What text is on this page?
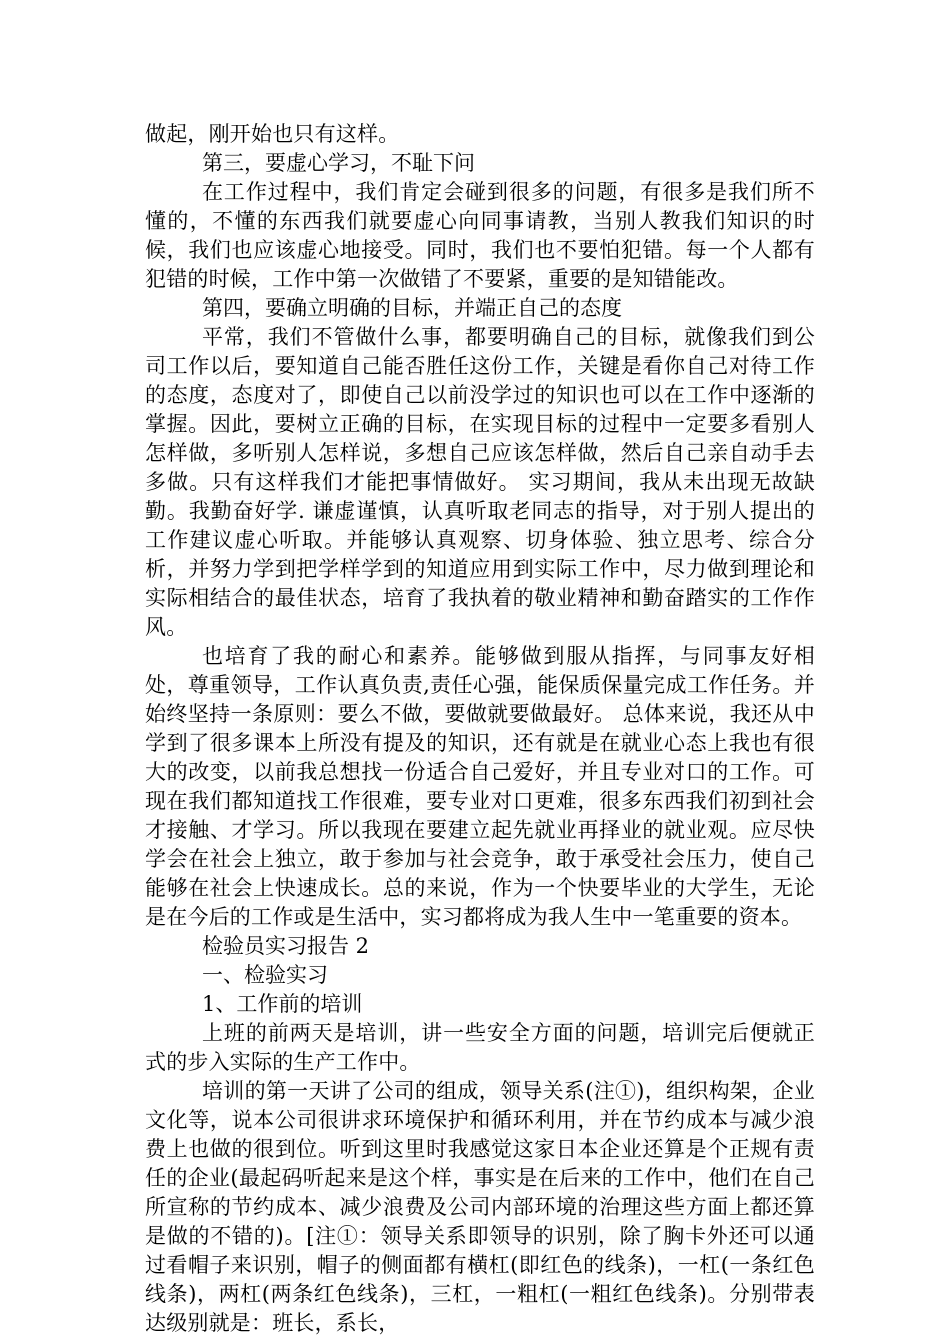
做起，刚开始也只有这样。

第三，要虚心学习，不耻下问

在工作过程中，我们肯定会碰到很多的问题，有很多是我们所不懂的，不懂的东西我们就要虚心向同事请教，当别人教我们知识的时候，我们也应该虚心地接受。同时，我们也不要怕犯错。每一个人都有犯错的时候，工作中第一次做错了不要紧，重要的是知错能改。

第四，要确立明确的目标，并端正自己的态度

平常，我们不管做什么事，都要明确自己的目标，就像我们到公司工作以后，要知道自己能否胜任这份工作，关键是看你自己对待工作的态度，态度对了，即使自己以前没学过的知识也可以在工作中逐渐的掌握。因此，要树立正确的目标，在实现目标的过程中一定要多看别人怎样做，多听别人怎样说，多想自己应该怎样做，然后自己亲自动手去多做。只有这样我们才能把事情做好。 实习期间，我从未出现无故缺勤。我勤奋好学. 谦虚谨慎，认真听取老同志的指导，对于别人提出的工作建议虚心听取。并能够认真观察、切身体验、独立思考、综合分析，并努力学到把学样学到的知道应用到实际工作中，尽力做到理论和实际相结合的最佳状态，培育了我执着的敬业精神和勤奋踏实的工作作风。

也培育了我的耐心和素养。能够做到服从指挥，与同事友好相处，尊重领导，工作认真负责,责任心强，能保质保量完成工作任务。并始终坚持一条原则：要么不做，要做就要做最好。 总体来说，我还从中学到了很多课本上所没有提及的知识，还有就是在就业心态上我也有很大的改变，以前我总想找一份适合自己爱好，并且专业对口的工作。可现在我们都知道找工作很难，要专业对口更难，很多东西我们初到社会才接触、才学习。所以我现在要建立起先就业再择业的就业观。应尽快学会在社会上独立，敢于参加与社会竞争，敢于承受社会压力，使自己能够在社会上快速成长。总的来说，作为一个快要毕业的大学生，无论是在今后的工作或是生活中，实习都将成为我人生中一笔重要的资本。

检验员实习报告 2

一、检验实习

1、工作前的培训

上班的前两天是培训，讲一些安全方面的问题，培训完后便就正式的步入实际的生产工作中。

培训的第一天讲了公司的组成，领导关系(注①)，组织构架，企业文化等，说本公司很讲求环境保护和循环利用，并在节约成本与减少浪费上也做的很到位。听到这里时我感觉这家日本企业还算是个正规有责任的企业(最起码听起来是这个样，事实是在后来的工作中，他们在自己所宣称的节约成本、减少浪费及公司内部环境的治理这些方面上都还算是做的不错的)。[注①：领导关系即领导的识别，除了胸卡外还可以通过看帽子来识别，帽子的侧面都有横杠(即红色的线条)，一杠(一条红色线条)，两杠(两条红色线条)，三杠，一粗杠(一粗红色线条)。分别带表达级别就是：班长，系长，
